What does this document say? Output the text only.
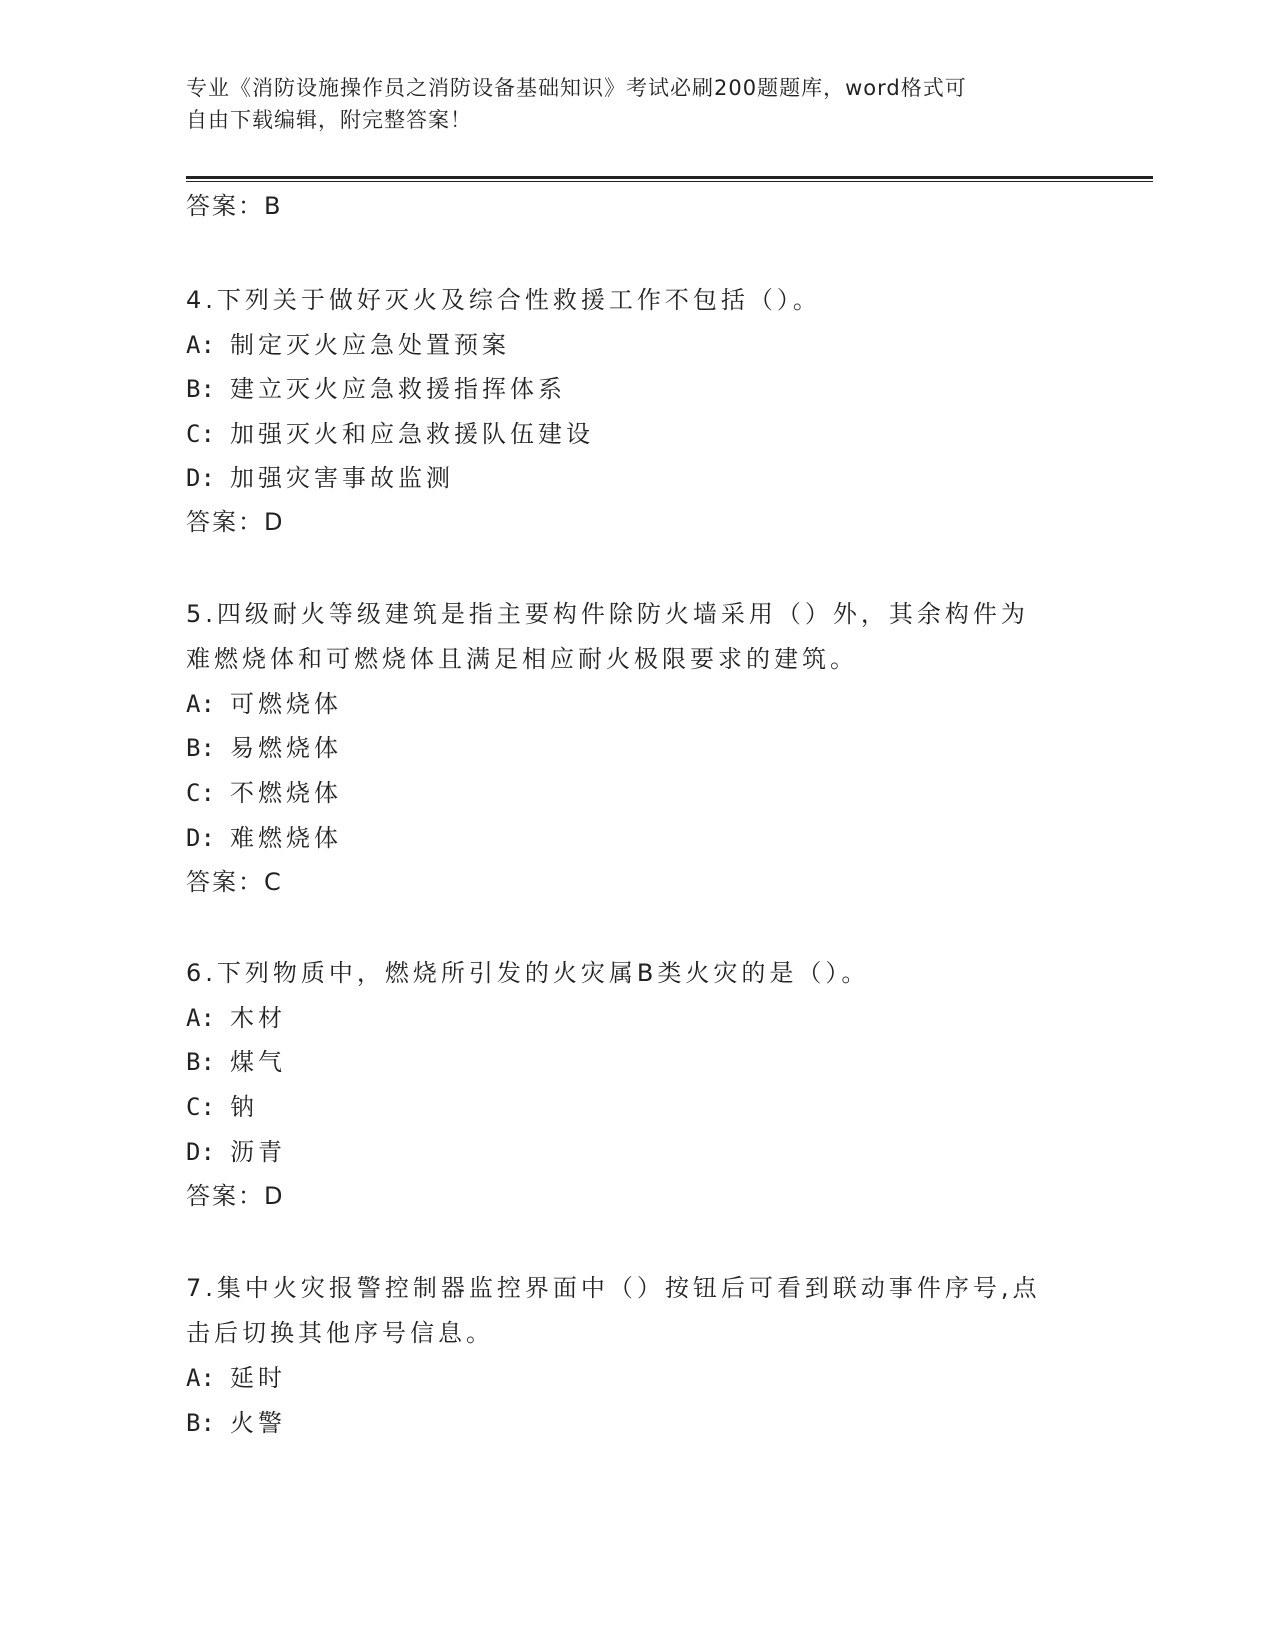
专业《消防设施操作员之消防设备基础知识》考试必刷200题题库，word格式可
自由下载编辑，附完整答案！
答案：B
4.下列关于做好灭火及综合性救援工作不包括（）。
A: 制定灭火应急处置预案
B: 建立灭火应急救援指挥体系
C: 加强灭火和应急救援队伍建设
D: 加强灾害事故监测
答案：D
5.四级耐火等级建筑是指主要构件除防火墙采用（）外，其余构件为
难燃烧体和可燃烧体且满足相应耐火极限要求的建筑。
A: 可燃烧体
B: 易燃烧体
C: 不燃烧体
D: 难燃烧体
答案：C
6.下列物质中，燃烧所引发的火灾属B类火灾的是（）。
A: 木材
B: 煤气
C: 钠
D: 沥青
答案：D
7.集中火灾报警控制器监控界面中（）按钮后可看到联动事件序号,点
击后切换其他序号信息。
A: 延时
B: 火警
